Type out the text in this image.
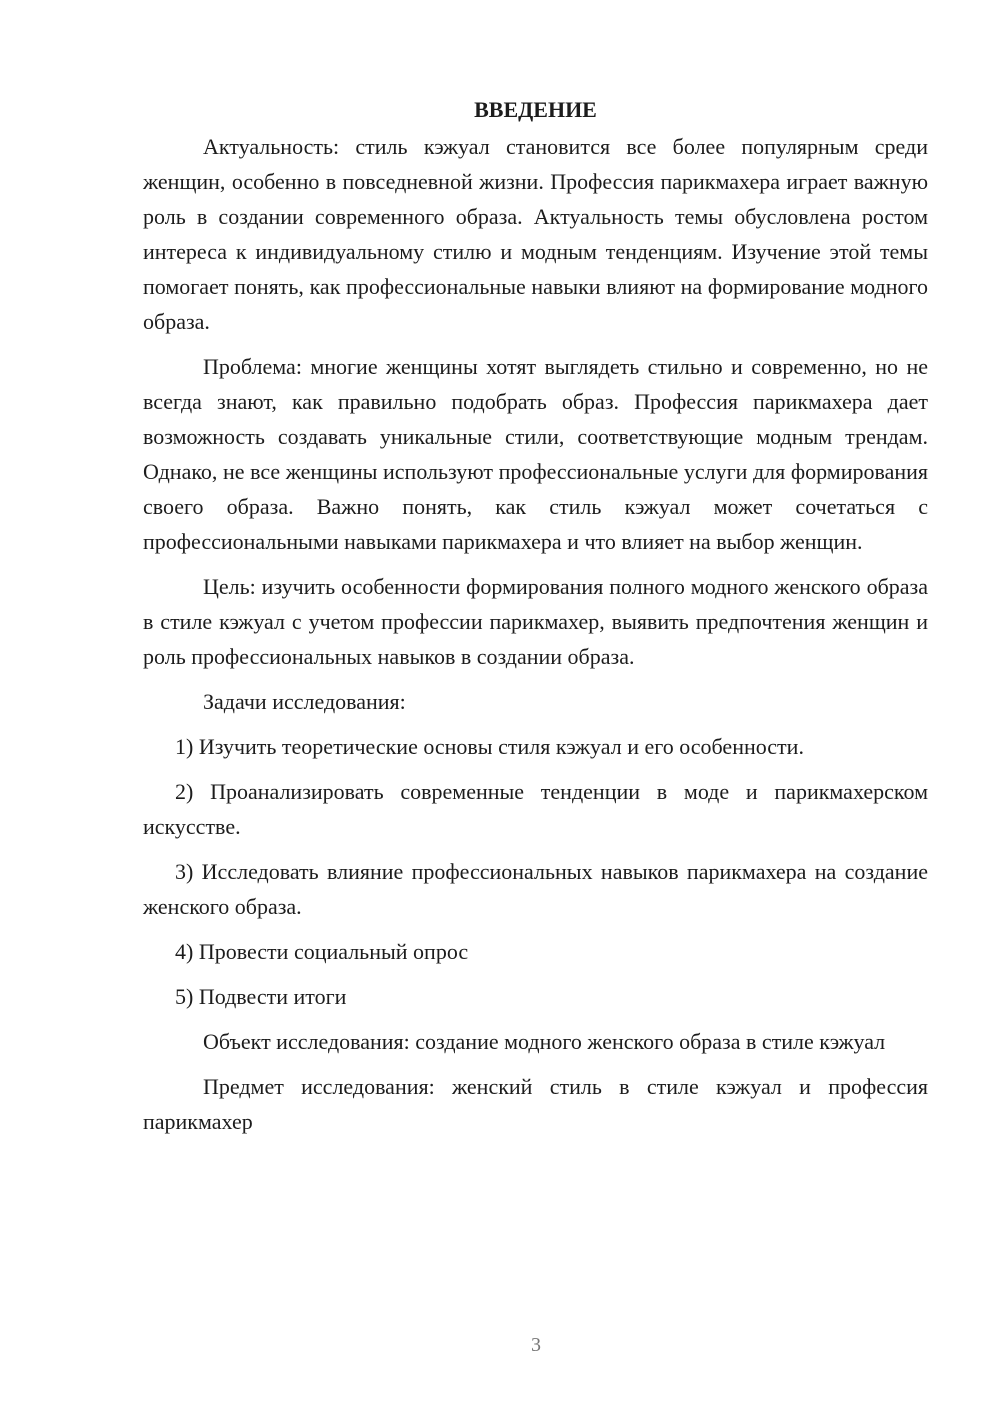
ВВЕДЕНИЕ

Актуальность: стиль кэжуал становится все более популярным среди женщин, особенно в повседневной жизни. Профессия парикмахера играет важную роль в создании современного образа. Актуальность темы обусловлена ростом интереса к индивидуальному стилю и модным тенденциям. Изучение этой темы помогает понять, как профессиональные навыки влияют на формирование модного образа.

Проблема: многие женщины хотят выглядеть стильно и современно, но не всегда знают, как правильно подобрать образ. Профессия парикмахера дает возможность создавать уникальные стили, соответствующие модным трендам. Однако, не все женщины используют профессиональные услуги для формирования своего образа. Важно понять, как стиль кэжуал может сочетаться с профессиональными навыками парикмахера и что влияет на выбор женщин.

Цель: изучить особенности формирования полного модного женского образа в стиле кэжуал с учетом профессии парикмахер, выявить предпочтения женщин и роль профессиональных навыков в создании образа.

Задачи исследования:

1) Изучить теоретические основы стиля кэжуал и его особенности.

2) Проанализировать современные тенденции в моде и парикмахерском искусстве.

3) Исследовать влияние профессиональных навыков парикмахера на создание женского образа.

4) Провести социальный опрос

5) Подвести итоги

Объект исследования: создание модного женского образа в стиле кэжуал

Предмет исследования: женский стиль в стиле кэжуал и профессия парикмахер

3
